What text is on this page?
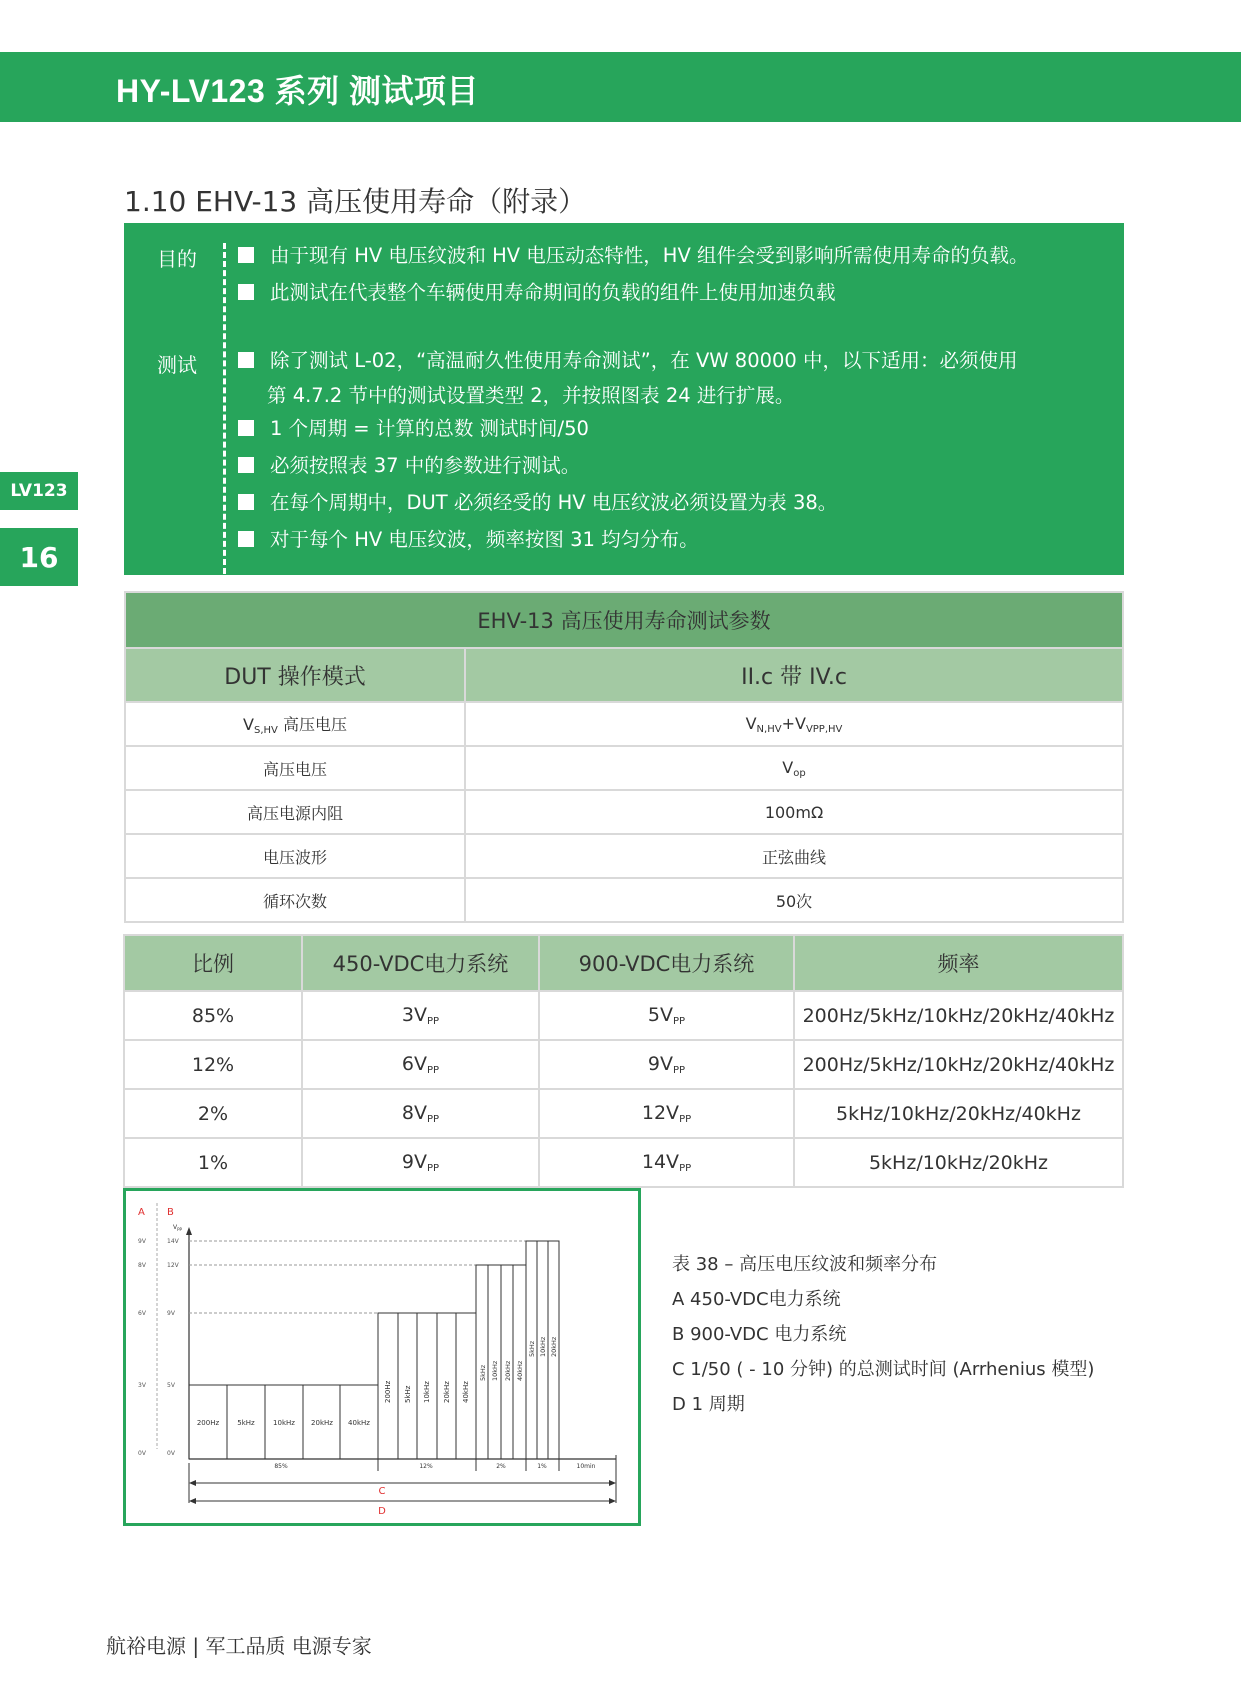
HY-LV123 系列 测试项目
1.10 EHV-13 高压使用寿命（附录）
LV123
16
目的	由于现有 HV 电压纹波和 HV 电压动态特性，HV 组件会受到影响所需使用寿命的负载。
此测试在代表整个车辆使用寿命期间的负载的组件上使用加速负载
测试	除了测试 L-02，“高温耐久性使用寿命测试”，在 VW 80000 中，以下适用：必须使用
第 4.7.2 节中的测试设置类型 2，并按照图表 24 进行扩展。
1 个周期 = 计算的总数 测试时间/50
必须按照表 37 中的参数进行测试。
在每个周期中，DUT 必须经受的 HV 电压纹波必须设置为表 38。
对于每个 HV 电压纹波，频率按图 31 均匀分布。
EHV-13 高压使用寿命测试参数	
DUT 操作模式	II.c 带 IV.c
$V_{S,HV}$ 高压电压	$V_{N,HV}+V_{VPP,HV}$
高压电压	$V_{op}$
高压电源内阻	100mΩ
电压波形	正弦曲线
循环次数	50次
比例	450-VDC电力系统	900-VDC电力系统	频率
85%	$3V_{PP}$	$5V_{PP}$	200Hz/5kHz/10kHz/20kHz/40kHz
12%	$6V_{PP}$	$9V_{PP}$	200Hz/5kHz/10kHz/20kHz/40kHz
2%	$8V_{PP}$	$12V_{PP}$	5kHz/10kHz/20kHz/40kHz
1%	$9V_{PP}$	$14V_{PP}$	5kHz/10kHz/20kHz
A B
$V_{PP}$
9V
8V
6V
3V
0V
14V
12V
9V
5V
0V
200Hz	5kHz	10kHz 20kHz 40kHz
200Hz 5kHz 10kHz 20kHz 40kHz
5kHz 10kHz 20kHz 40kHz
5kHz 10kHz 20kHz
85%	12%	2%	1%	10min
C
D
表 38 – 高压电压纹波和频率分布
A 450-VDC电力系统
B 900-VDC 电力系统
C 1/50 ( - 10 分钟) 的总测试时间 (Arrhenius 模型)
D 1 周期
航裕电源 | 军工品质 电源专家
